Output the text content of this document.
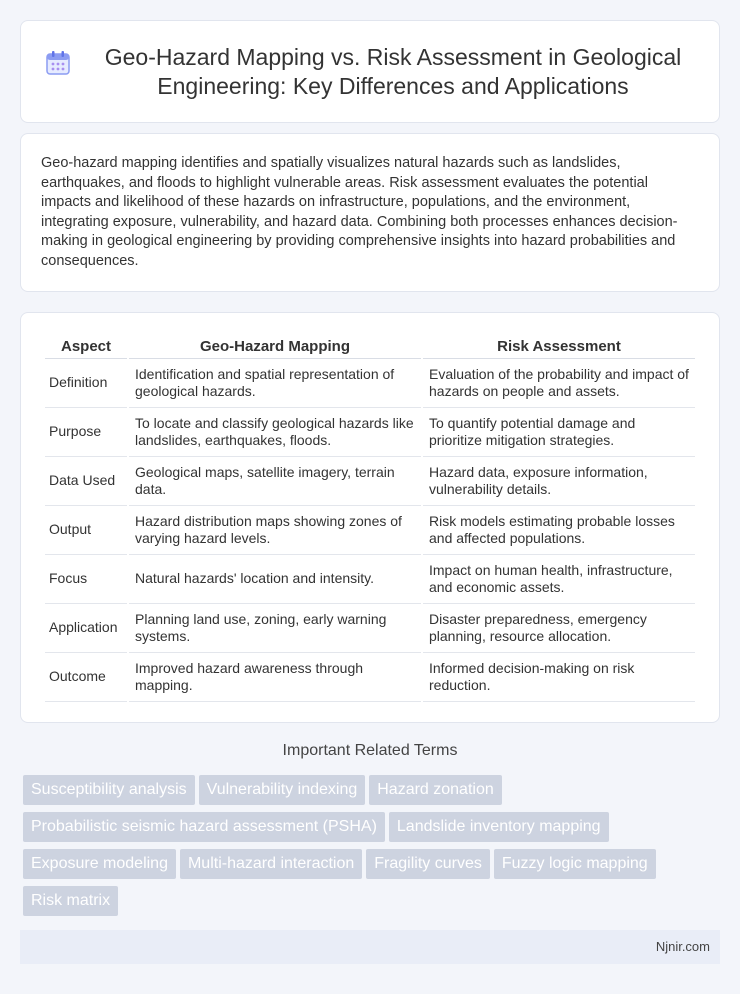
Geo-Hazard Mapping vs. Risk Assessment in Geological Engineering: Key Differences and Applications

Geo-hazard mapping identifies and spatially visualizes natural hazards such as landslides, earthquakes, and floods to highlight vulnerable areas. Risk assessment evaluates the potential impacts and likelihood of these hazards on infrastructure, populations, and the environment, integrating exposure, vulnerability, and hazard data. Combining both processes enhances decision-making in geological engineering by providing comprehensive insights into hazard probabilities and consequences.

Aspect	Geo-Hazard Mapping	Risk Assessment
Definition	Identification and spatial representation of geological hazards.	Evaluation of the probability and impact of hazards on people and assets.
Purpose	To locate and classify geological hazards like landslides, earthquakes, floods.	To quantify potential damage and prioritize mitigation strategies.
Data Used	Geological maps, satellite imagery, terrain data.	Hazard data, exposure information, vulnerability details.
Output	Hazard distribution maps showing zones of varying hazard levels.	Risk models estimating probable losses and affected populations.
Focus	Natural hazards' location and intensity.	Impact on human health, infrastructure, and economic assets.
Application	Planning land use, zoning, early warning systems.	Disaster preparedness, emergency planning, resource allocation.
Outcome	Improved hazard awareness through mapping.	Informed decision-making on risk reduction.
Important Related Terms
Susceptibility analysis Vulnerability indexing Hazard zonation
Probabilistic seismic hazard assessment (PSHA) Landslide inventory mapping
Exposure modeling Multi-hazard interaction Fragility curves Fuzzy logic mapping
Risk matrix
Njnir.com
